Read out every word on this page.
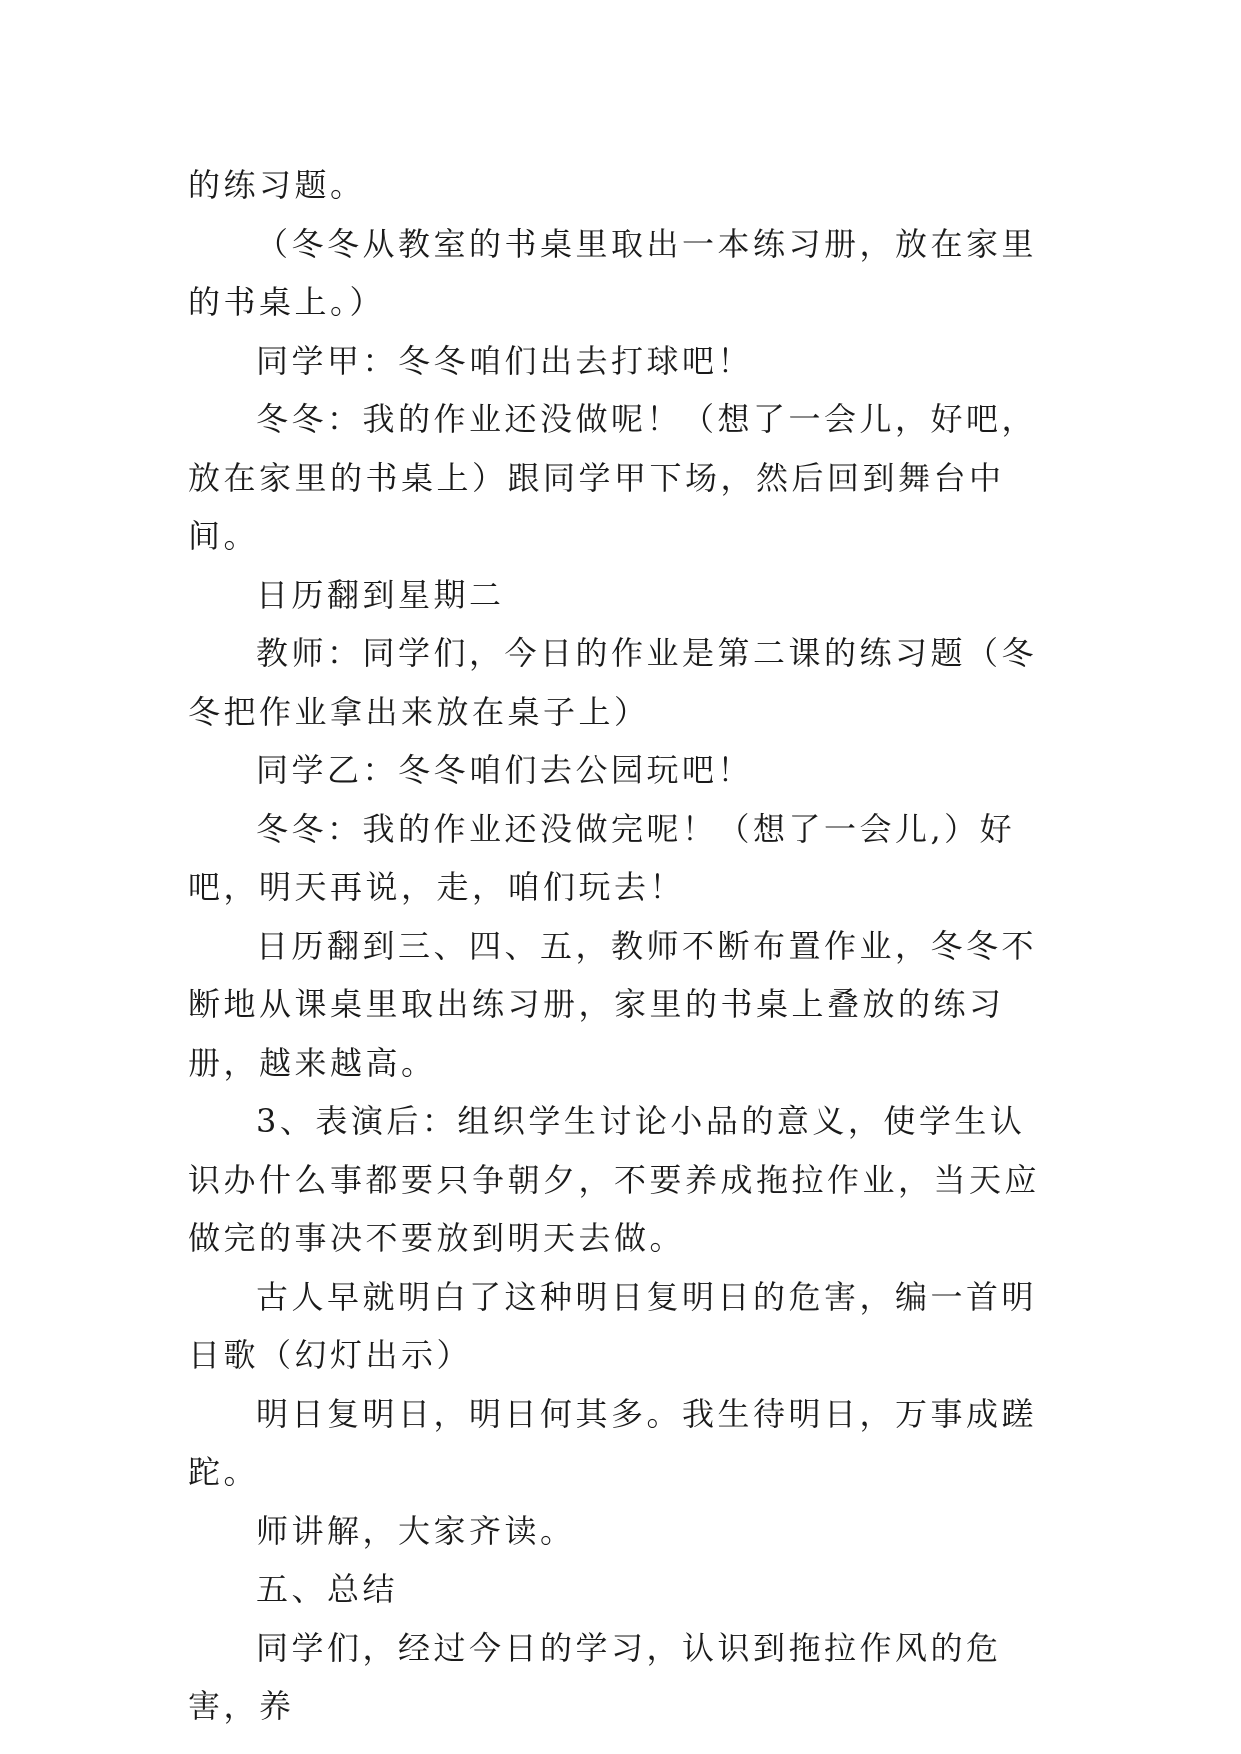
的练习题。

（冬冬从教室的书桌里取出一本练习册，放在家里的书桌上。）

同学甲：冬冬咱们出去打球吧！

冬冬：我的作业还没做呢！（想了一会儿，好吧，放在家里的书桌上）跟同学甲下场，然后回到舞台中间。

日历翻到星期二

教师：同学们，今日的作业是第二课的练习题（冬冬把作业拿出来放在桌子上）

同学乙：冬冬咱们去公园玩吧！

冬冬：我的作业还没做完呢！（想了一会儿,）好吧，明天再说，走，咱们玩去！

日历翻到三、四、五，教师不断布置作业，冬冬不断地从课桌里取出练习册，家里的书桌上叠放的练习册，越来越高。

3、表演后：组织学生讨论小品的意义，使学生认识办什么事都要只争朝夕，不要养成拖拉作业，当天应做完的事决不要放到明天去做。

古人早就明白了这种明日复明日的危害，编一首明日歌（幻灯出示）

明日复明日，明日何其多。我生待明日，万事成蹉跎。

师讲解，大家齐读。

五、总结

同学们，经过今日的学习，认识到拖拉作风的危害，养
